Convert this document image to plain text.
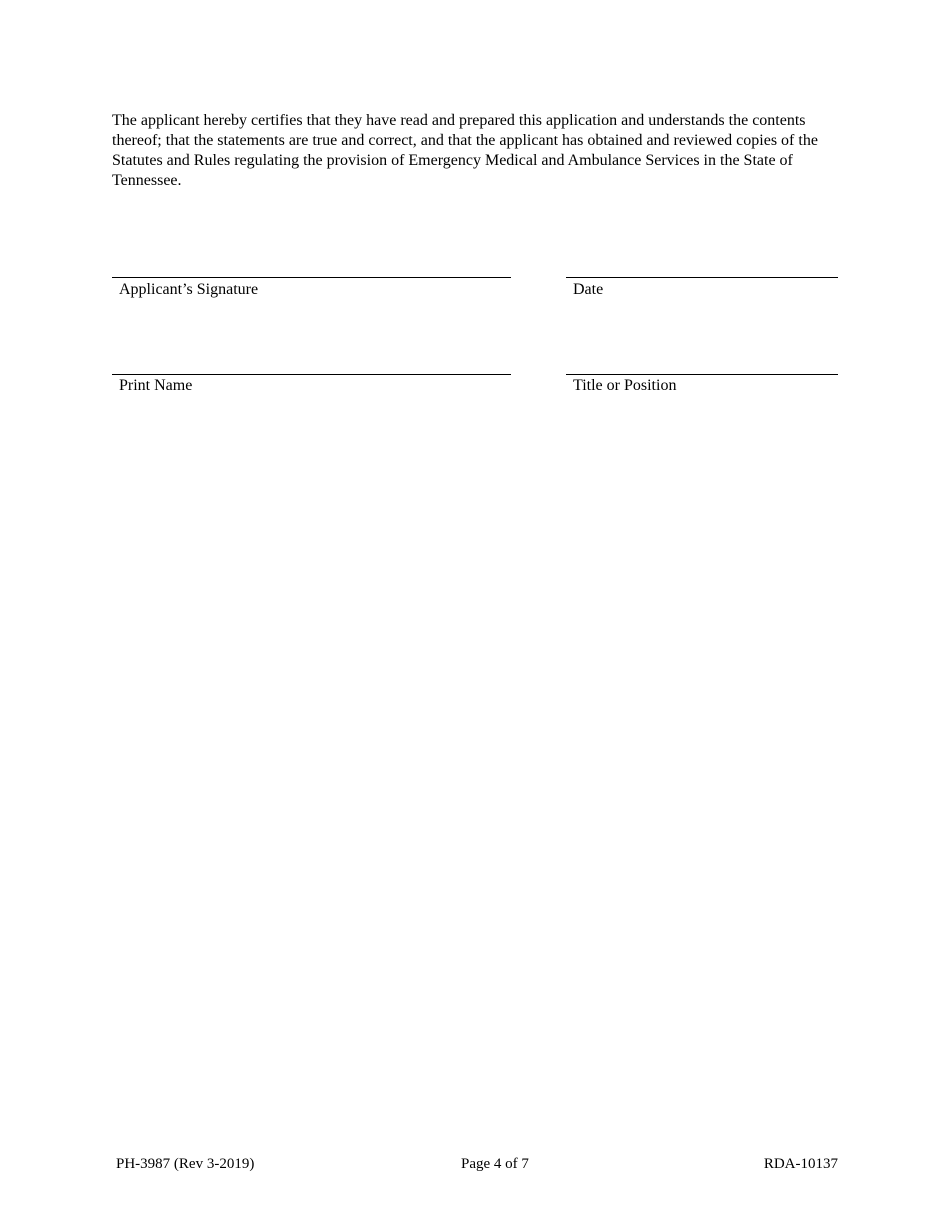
The applicant hereby certifies that they have read and prepared this application and understands the contents thereof; that the statements are true and correct, and that the applicant has obtained and reviewed copies of the Statutes and Rules regulating the provision of Emergency Medical and Ambulance Services in the State of Tennessee.

Applicant’s Signature	Date
Print Name	Title or Position
PH-3987 (Rev 3-2019)	Page 4 of 7	RDA-10137
